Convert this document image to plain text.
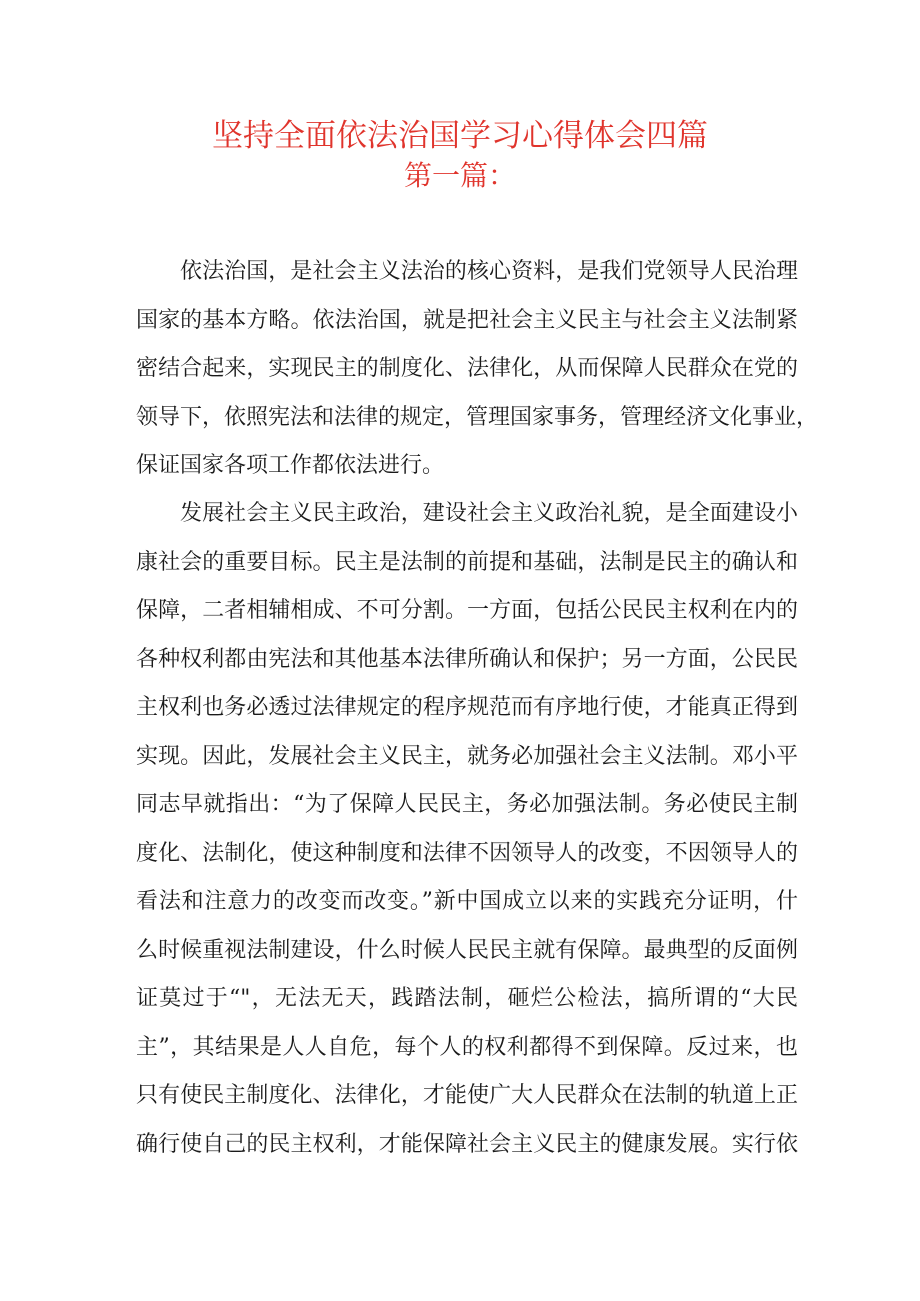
坚持全面依法治国学习心得体会四篇
第一篇：
依法治国，是社会主义法治的核心资料，是我们党领导人民治理
国家的基本方略。依法治国，就是把社会主义民主与社会主义法制紧
密结合起来，实现民主的制度化、法律化，从而保障人民群众在党的
领导下，依照宪法和法律的规定，管理国家事务，管理经济文化事业，
保证国家各项工作都依法进行。
发展社会主义民主政治，建设社会主义政治礼貌，是全面建设小
康社会的重要目标。民主是法制的前提和基础，法制是民主的确认和
保障，二者相辅相成、不可分割。一方面，包括公民民主权利在内的
各种权利都由宪法和其他基本法律所确认和保护；另一方面，公民民
主权利也务必透过法律规定的程序规范而有序地行使，才能真正得到
实现。因此，发展社会主义民主，就务必加强社会主义法制。邓小平
同志早就指出：“为了保障人民民主，务必加强法制。务必使民主制
度化、法制化，使这种制度和法律不因领导人的改变，不因领导人的
看法和注意力的改变而改变。”新中国成立以来的实践充分证明，什
么时候重视法制建设，什么时候人民民主就有保障。最典型的反面例
证莫过于“"，无法无天，践踏法制，砸烂公检法，搞所谓的“大民
主”，其结果是人人自危，每个人的权利都得不到保障。反过来，也
只有使民主制度化、法律化，才能使广大人民群众在法制的轨道上正
确行使自己的民主权利，才能保障社会主义民主的健康发展。实行依
